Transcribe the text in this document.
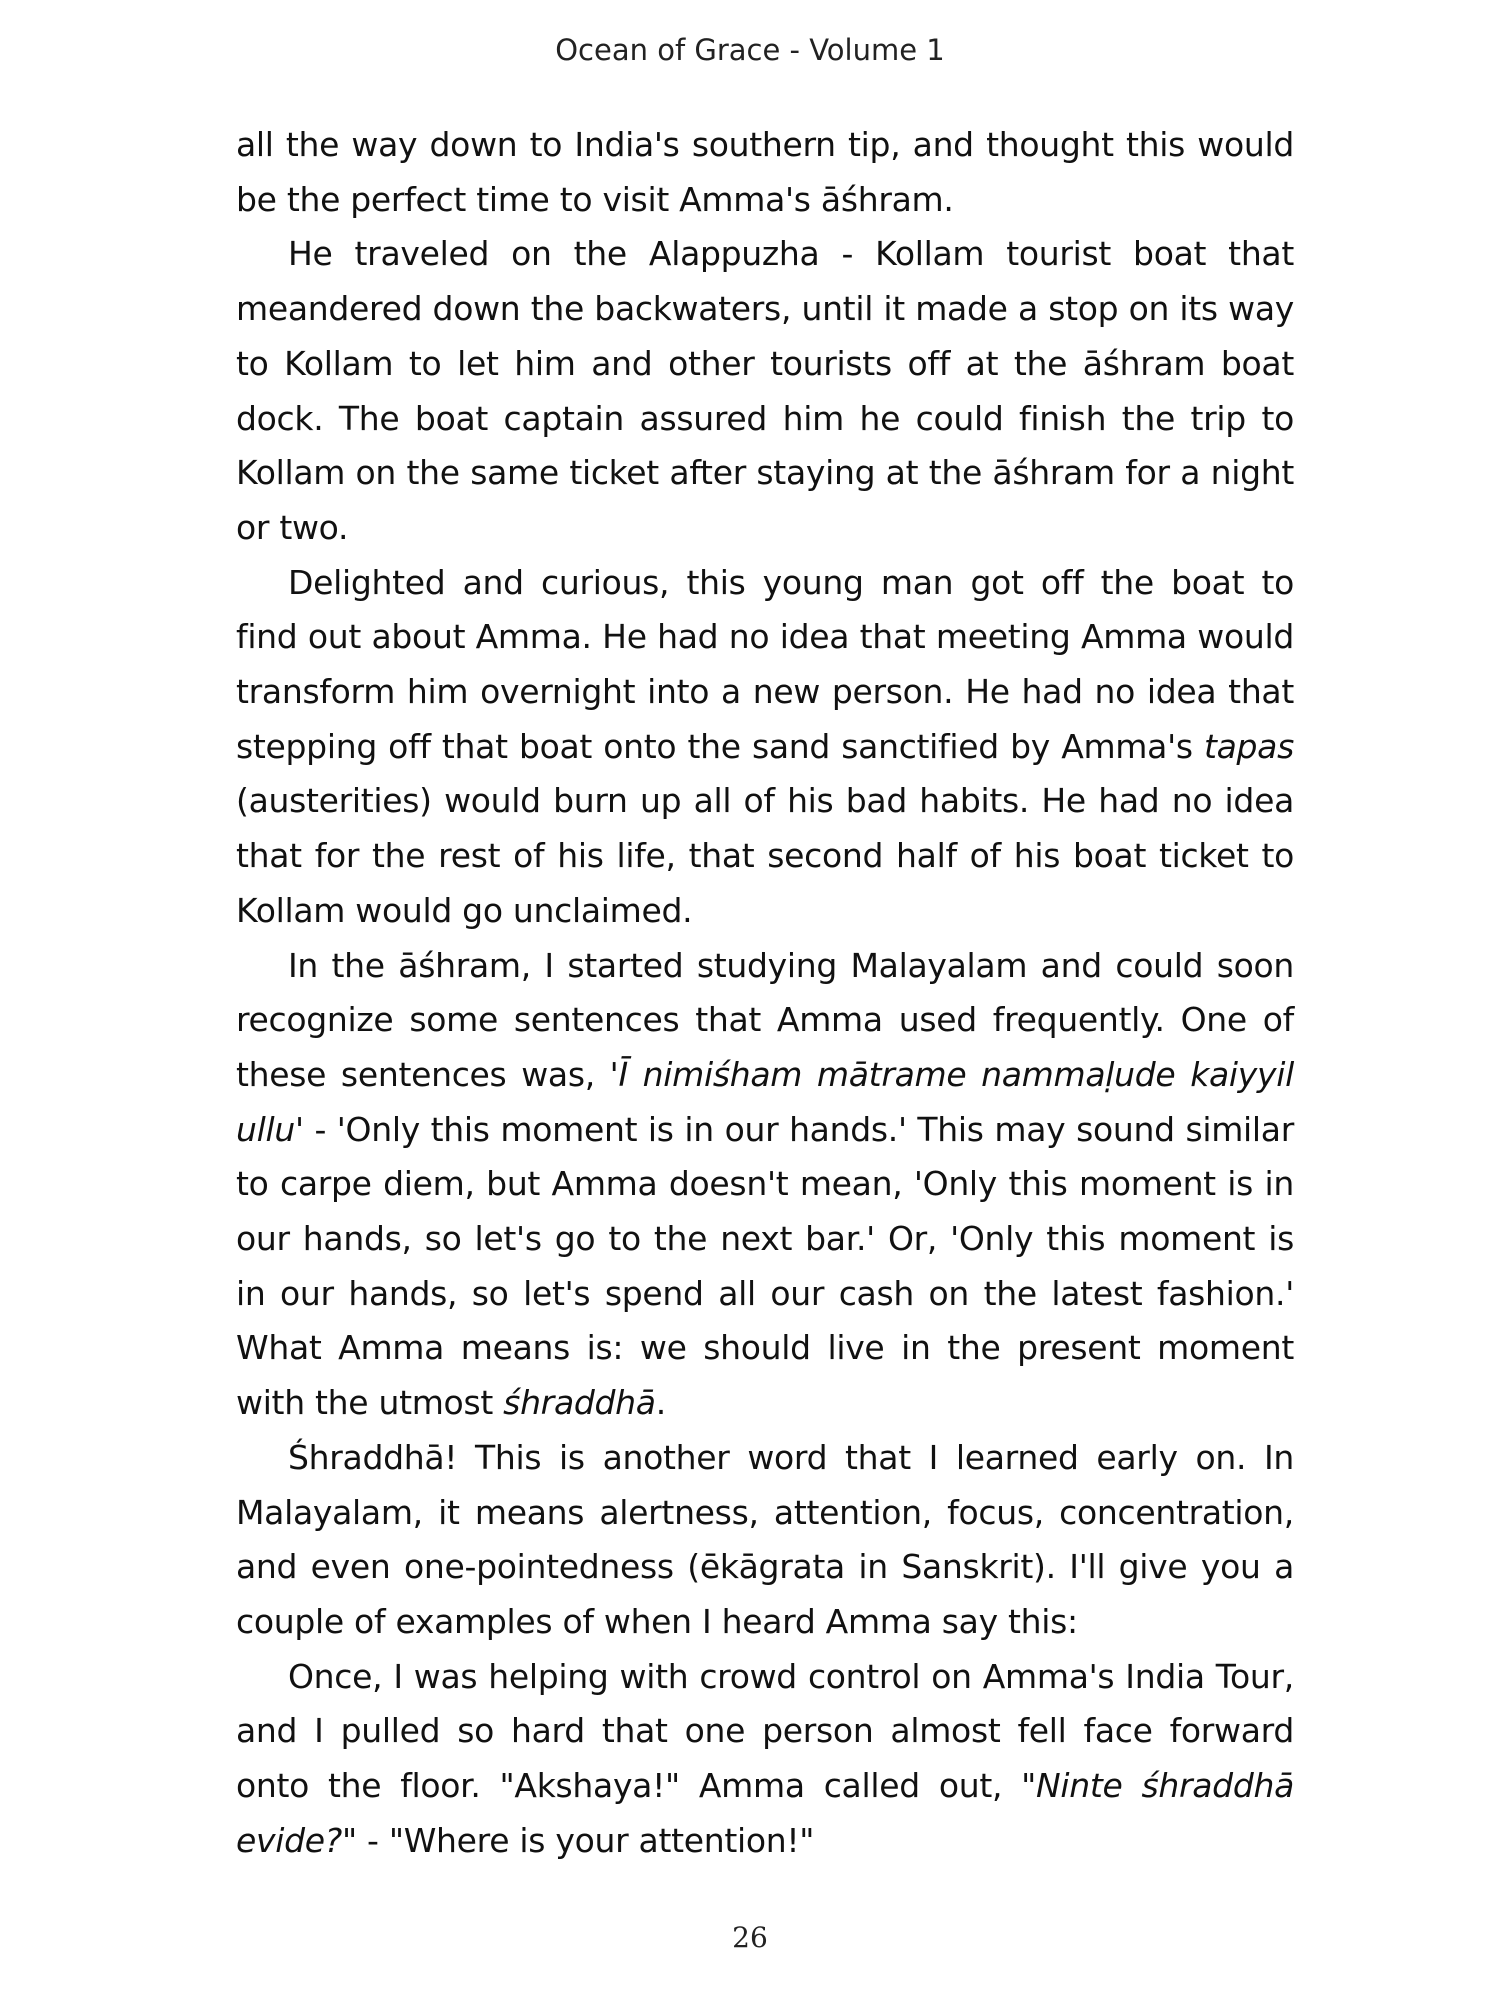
Ocean of Grace - Volume 1

all the way down to India's southern tip, and thought this would be the perfect time to visit Amma's āśhram.

He traveled on the Alappuzha - Kollam tourist boat that meandered down the backwaters, until it made a stop on its way to Kollam to let him and other tourists off at the āśhram boat dock. The boat captain assured him he could finish the trip to Kollam on the same ticket after staying at the āśhram for a night or two.

Delighted and curious, this young man got off the boat to find out about Amma. He had no idea that meeting Amma would transform him overnight into a new person. He had no idea that stepping off that boat onto the sand sanctified by Amma's tapas (austerities) would burn up all of his bad habits. He had no idea that for the rest of his life, that second half of his boat ticket to Kollam would go unclaimed.

In the āśhram, I started studying Malayalam and could soon recognize some sentences that Amma used frequently. One of these sentences was, 'Ī nimiśham mātrame nammaḷude kaiyyil ullu' - 'Only this moment is in our hands.' This may sound similar to carpe diem, but Amma doesn't mean, 'Only this moment is in our hands, so let's go to the next bar.' Or, 'Only this moment is in our hands, so let's spend all our cash on the latest fashion.' What Amma means is: we should live in the present moment with the utmost śhraddhā.

Śhraddhā! This is another word that I learned early on. In Malayalam, it means alertness, attention, focus, concentration, and even one-pointedness (ēkāgrata in Sanskrit). I'll give you a couple of examples of when I heard Amma say this:

Once, I was helping with crowd control on Amma's India Tour, and I pulled so hard that one person almost fell face forward onto the floor. "Akshaya!" Amma called out, "Ninte śhraddhā evide?" - "Where is your attention!"

26
